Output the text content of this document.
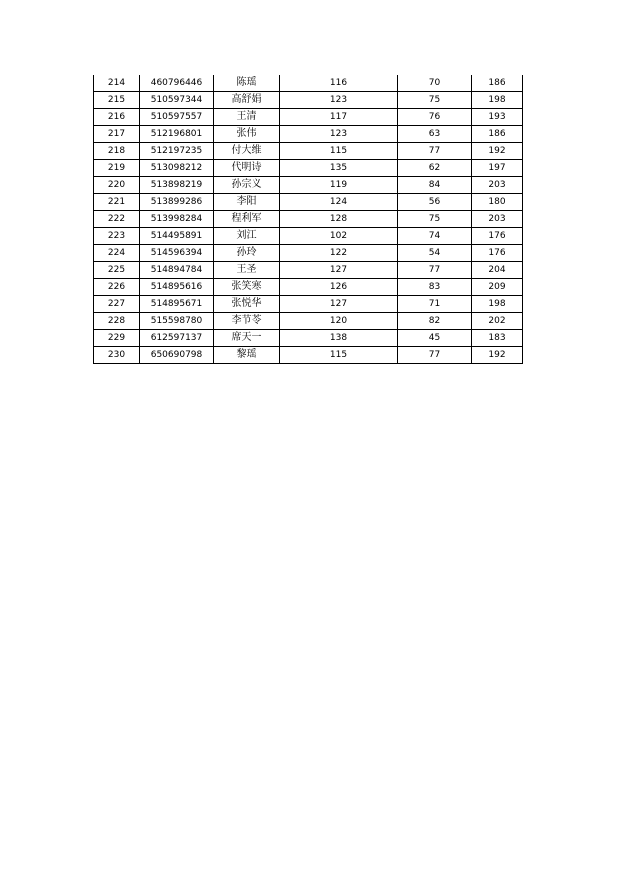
214	460796446	陈瑶	116	70	186
215	510597344	高舒娟	123	75	198
216	510597557	王清	117	76	193
217	512196801	张伟	123	63	186
218	512197235	付大维	115	77	192
219	513098212	代明诗	135	62	197
220	513898219	孙宗义	119	84	203
221	513899286	李阳	124	56	180
222	513998284	程利军	128	75	203
223	514495891	刘江	102	74	176
224	514596394	孙玲	122	54	176
225	514894784	王圣	127	77	204
226	514895616	张笑寒	126	83	209
227	514895671	张悦华	127	71	198
228	515598780	李节苓	120	82	202
229	612597137	席天一	138	45	183
230	650690798	黎瑶	115	77	192
